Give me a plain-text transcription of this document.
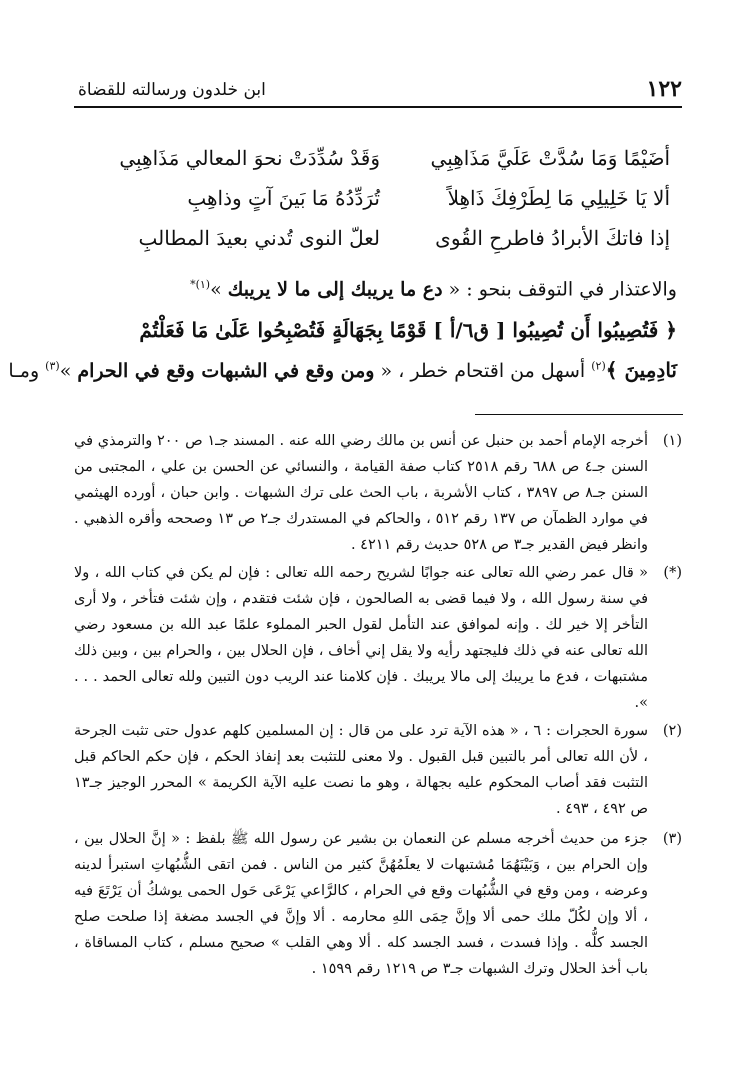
١٢٢
ابن خلدون ورسالته للقضاة
أضَيْمًا وَمَا سُدَّتْ عَلَيَّ مَذَاهِبِي
وَقَدْ سُدِّدَتْ نحوَ المعالي مَذَاهِبِي
ألا يَا خَلِيلِي مَا لِطَرْفِكَ ذَاهِلاً
تُرَدِّدُهُ مَا بَينَ آتٍ وذاهِبِ
إذا فاتكَ الأبرادُ فاطرحِ القُوى
لعلّ النوى تُدني بعيدَ المطالبِ
والاعتذار في التوقف بنحو : « دع ما يريبك إلى ما لا يريبك »$^{(١)*}$
﴿ فَتُصِيبُوا أَن تُصِيبُوا [ ق٦/أ ] قَوْمًا بِجَهَالَةٍ فَتُصْبِحُوا عَلَىٰ مَا فَعَلْتُمْ
نَادِمِينَ ﴾$^{(٢)}$ أسهل من اقتحام خطر ، « ومن وقع في الشبهات وقع في الحرام »$^{(٣)}$ ومـا
(١)
أخرجه الإمام أحمد بن حنبل عن أنس بن مالك رضي الله عنه . المسند جـ١ ص ٢٠٠ والترمذي في السنن جـ٤ ص ٦٨٨ رقم ٢٥١٨ كتاب صفة القيامة ، والنسائي عن الحسن بن علي ، المجتبى من السنن جـ٨ ص ٣٨٩٧ ، كتاب الأشربة ، باب الحث على ترك الشبهات . وابن حبان ، أورده الهيثمي في موارد الظمآن ص ١٣٧ رقم ٥١٢ ، والحاكم في المستدرك جـ٢ ص ١٣ وصححه وأقره الذهبي . وانظر فيض القدير جـ٣ ص ٥٢٨ حديث رقم ٤٢١١ .
(*)
« قال عمر رضي الله تعالى عنه جوابًا لشريح رحمه الله تعالى : فإن لم يكن في كتاب الله ، ولا في سنة رسول الله ، ولا فيما قضى به الصالحون ، فإن شئت فتقدم ، وإن شئت فتأخر ، ولا أرى التأخر إلا خير لك . وإنه لموافق عند التأمل لقول الحبر المملوء علمًا عبد الله بن مسعود رضي الله تعالى عنه في ذلك فليجتهد رأيه ولا يقل إني أخاف ، فإن الحلال بين ، والحرام بين ، وبين ذلك مشتبهات ، فدع ما يريبك إلى مالا يريبك . فإن كلامنا عند الريب دون التبين ولله تعالى الحمد . . . ».
(٢)
سورة الحجرات : ٦ ، « هذه الآية ترد على من قال : إن المسلمين كلهم عدول حتى تثبت الجرحة ، لأن الله تعالى أمر بالتبين قبل القبول . ولا معنى للتثبت بعد إنفاذ الحكم ، فإن حكم الحاكم قبل التثبت فقد أصاب المحكوم عليه بجهالة ، وهو ما نصت عليه الآية الكريمة » المحرر الوجيز جـ١٣ ص ٤٩٢ ، ٤٩٣ .
(٣)
جزء من حديث أخرجه مسلم عن النعمان بن بشير عن رسول الله ﷺ بلفظ : « إنَّ الحلال بين ، وإن الحرام بين ، وَبَيْنَهُمَا مُشتبهات لا يعلَمُهُنَّ كثير من الناس . فمن اتقى الشُّبُهاتِ استبرأ لدينه وعرضه ، ومن وقع في الشُّبُهات وقع في الحرام ، كالرَّاعي يَرْعَى حَول الحمى يوشكُ أن يَرْتَعَ فيه ، ألا وإن لكُلّ ملك حمى ألا وإنَّ حِمَى اللهِ محارمه . ألا وإنَّ في الجسد مضغة إذا صلحت صلح الجسد كلُّه . وإذا فسدت ، فسد الجسد كله . ألا وهي القلب » صحيح مسلم ، كتاب المساقاة ، باب أخذ الحلال وترك الشبهات جـ٣ ص ١٢١٩ رقم ١٥٩٩ .
